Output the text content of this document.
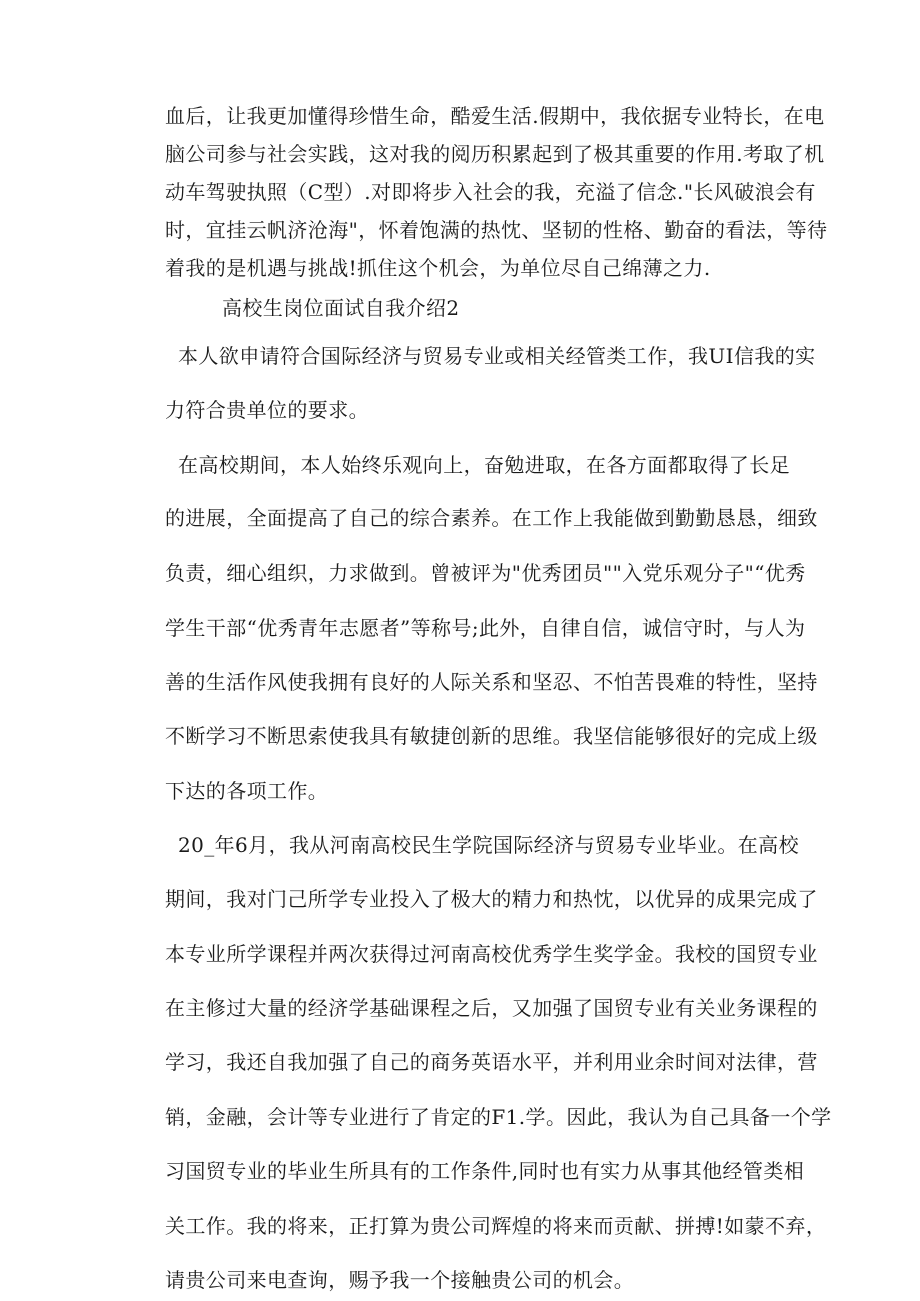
血后，让我更加懂得珍惜生命，酷爱生活.假期中，我依据专业特长，在电
脑公司参与社会实践，这对我的阅历积累起到了极其重要的作用.考取了机
动车驾驶执照（C型）.对即将步入社会的我，充溢了信念."长风破浪会有
时，宜挂云帆济沧海"，怀着饱满的热忱、坚韧的性格、勤奋的看法，等待
着我的是机遇与挑战!抓住这个机会，为单位尽自己绵薄之力.
高校生岗位面试自我介绍2
本人欲申请符合国际经济与贸易专业或相关经管类工作，我UI信我的实
力符合贵单位的要求。
在高校期间，本人始终乐观向上，奋勉进取，在各方面都取得了长足
的进展，全面提高了自己的综合素养。在工作上我能做到勤勤恳恳，细致
负责，细心组织，力求做到。曾被评为"优秀团员""入党乐观分子"“优秀
学生干部“优秀青年志愿者”等称号;此外，自律自信，诚信守时，与人为
善的生活作风使我拥有良好的人际关系和坚忍、不怕苦畏难的特性，坚持
不断学习不断思索使我具有敏捷创新的思维。我坚信能够很好的完成上级
下达的各项工作。
20_年6月，我从河南高校民生学院国际经济与贸易专业毕业。在高校
期间，我对门己所学专业投入了极大的精力和热忱，以优异的成果完成了
本专业所学课程并两次获得过河南高校优秀学生奖学金。我校的国贸专业
在主修过大量的经济学基础课程之后，又加强了国贸专业有关业务课程的
学习，我还自我加强了自己的商务英语水平，并利用业余时间对法律，营
销，金融，会计等专业进行了肯定的F1.学。因此，我认为自己具备一个学
习国贸专业的毕业生所具有的工作条件,同时也有实力从事其他经管类相
关工作。我的将来，正打算为贵公司辉煌的将来而贡献、拼搏!如蒙不弃，
请贵公司来电查询，赐予我一个接触贵公司的机会。
